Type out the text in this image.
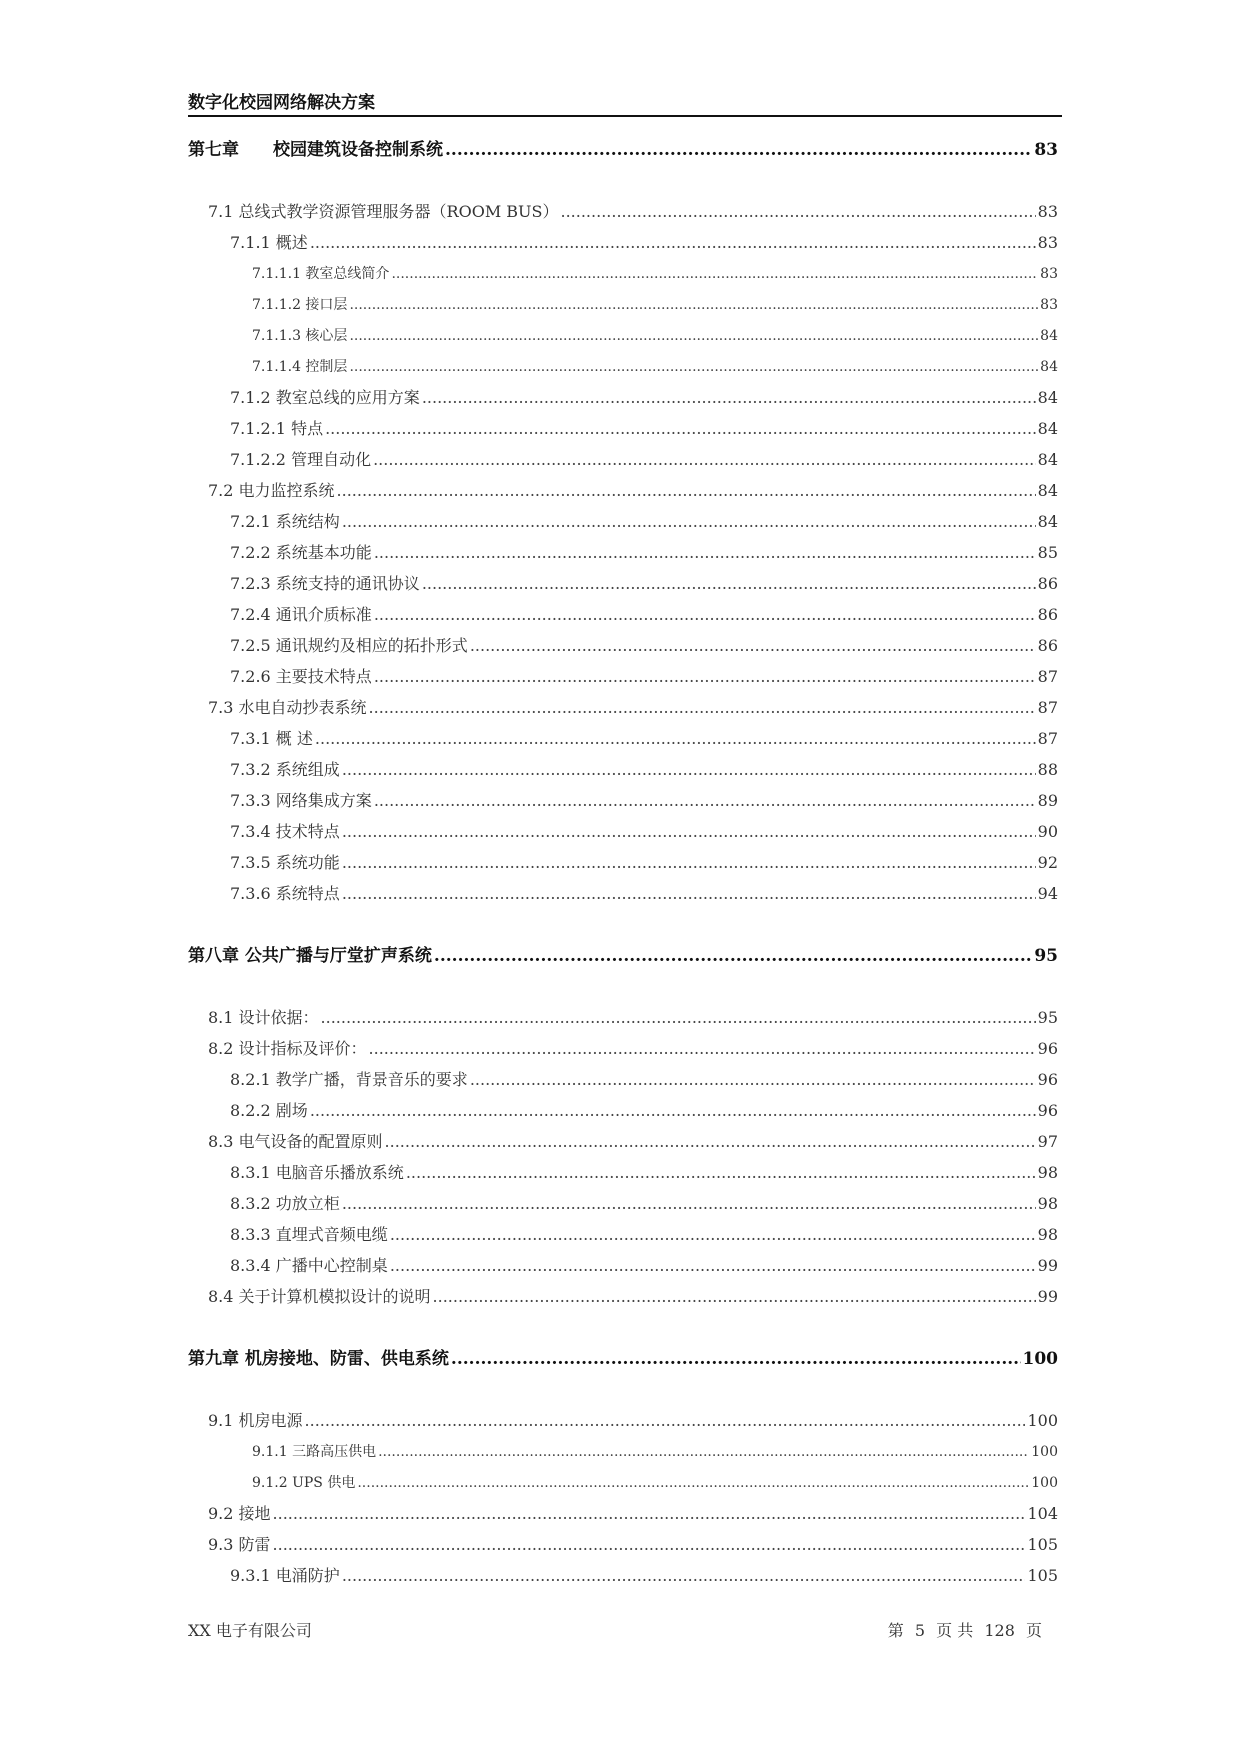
数字化校园网络解决方案
第七章　　校园建筑设备控制系统 .....	83
7.1 总线式教学资源管理服务器（ROOM BUS） .....	83
7.1.1 概述 .....	83
7.1.1.1 教室总线简介 .....	83
7.1.1.2 接口层 .....	83
7.1.1.3 核心层 .....	84
7.1.1.4 控制层 .....	84
7.1.2 教室总线的应用方案 .....	84
7.1.2.1 特点 .....	84
7.1.2.2 管理自动化 .....	84
7.2 电力监控系统 .....	84
7.2.1 系统结构 .....	84
7.2.2 系统基本功能 .....	85
7.2.3 系统支持的通讯协议 .....	86
7.2.4 通讯介质标准 .....	86
7.2.5 通讯规约及相应的拓扑形式 .....	86
7.2.6 主要技术特点 .....	87
7.3 水电自动抄表系统 .....	87
7.3.1 概 述 .....	87
7.3.2 系统组成 .....	88
7.3.3 网络集成方案 .....	89
7.3.4 技术特点 .....	90
7.3.5 系统功能 .....	92
7.3.6 系统特点 .....	94
第八章 公共广播与厅堂扩声系统 .....	95
8.1 设计依据： .....	95
8.2 设计指标及评价： .....	96
8.2.1 教学广播，背景音乐的要求 .....	96
8.2.2 剧场 .....	96
8.3 电气设备的配置原则 .....	97
8.3.1 电脑音乐播放系统 .....	98
8.3.2 功放立柜 .....	98
8.3.3 直埋式音频电缆 .....	98
8.3.4 广播中心控制桌 .....	99
8.4 关于计算机模拟设计的说明 .....	99
第九章 机房接地、防雷、供电系统 .....	100
9.1 机房电源 .....	100
9.1.1 三路高压供电 .....	100
9.1.2 UPS 供电 .....	100
9.2 接地 .....	104
9.3 防雷 .....	105
9.3.1 电涌防护 .....	105
XX 电子有限公司	第 5 页 共 128 页
